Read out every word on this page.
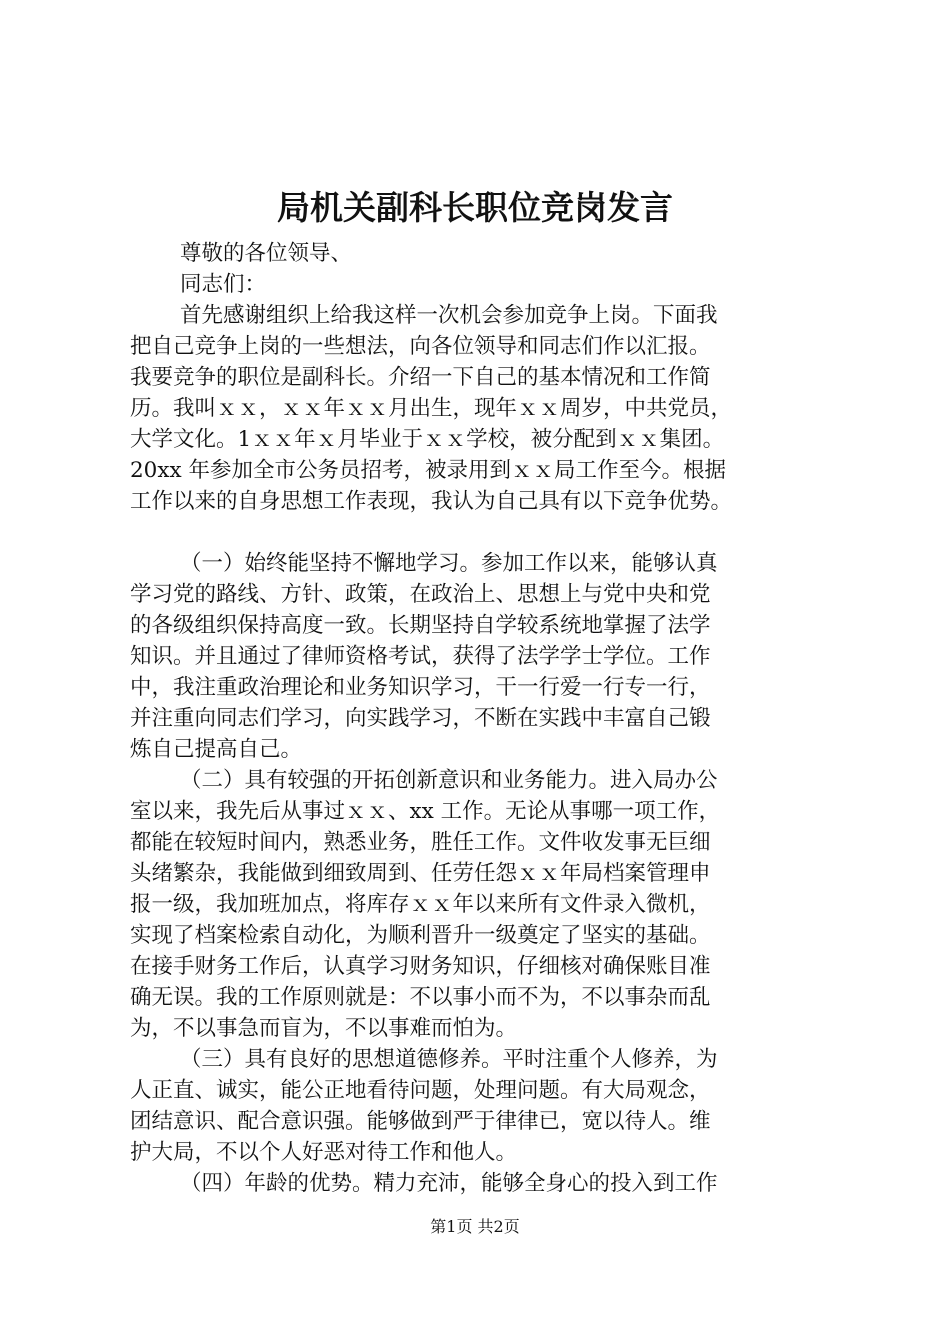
局机关副科长职位竞岗发言
尊敬的各位领导、
同志们：
首先感谢组织上给我这样一次机会参加竞争上岗。下面我
把自己竞争上岗的一些想法，向各位领导和同志们作以汇报。
我要竞争的职位是副科长。介绍一下自己的基本情况和工作简
历。我叫ｘｘ，ｘｘ年ｘｘ月出生，现年ｘｘ周岁，中共党员，
大学文化。1ｘｘ年ｘ月毕业于ｘｘ学校，被分配到ｘｘ集团。
20xx 年参加全市公务员招考，被录用到ｘｘ局工作至今。根据
工作以来的自身思想工作表现，我认为自己具有以下竞争优势。
（一）始终能坚持不懈地学习。参加工作以来，能够认真
学习党的路线、方针、政策，在政治上、思想上与党中央和党
的各级组织保持高度一致。长期坚持自学较系统地掌握了法学
知识。并且通过了律师资格考试，获得了法学学士学位。工作
中，我注重政治理论和业务知识学习，干一行爱一行专一行，
并注重向同志们学习，向实践学习，不断在实践中丰富自己锻
炼自己提高自己。
（二）具有较强的开拓创新意识和业务能力。进入局办公
室以来，我先后从事过ｘｘ、xx 工作。无论从事哪一项工作，
都能在较短时间内，熟悉业务，胜任工作。文件收发事无巨细
头绪繁杂，我能做到细致周到、任劳任怨ｘｘ年局档案管理申
报一级，我加班加点，将库存ｘｘ年以来所有文件录入微机，
实现了档案检索自动化，为顺利晋升一级奠定了坚实的基础。
在接手财务工作后，认真学习财务知识，仔细核对确保账目准
确无误。我的工作原则就是：不以事小而不为，不以事杂而乱
为，不以事急而盲为，不以事难而怕为。
（三）具有良好的思想道德修养。平时注重个人修养，为
人正直、诚实，能公正地看待问题，处理问题。有大局观念，
团结意识、配合意识强。能够做到严于律律已，宽以待人。维
护大局，不以个人好恶对待工作和他人。
（四）年龄的优势。精力充沛，能够全身心的投入到工作
第1页 共2页
